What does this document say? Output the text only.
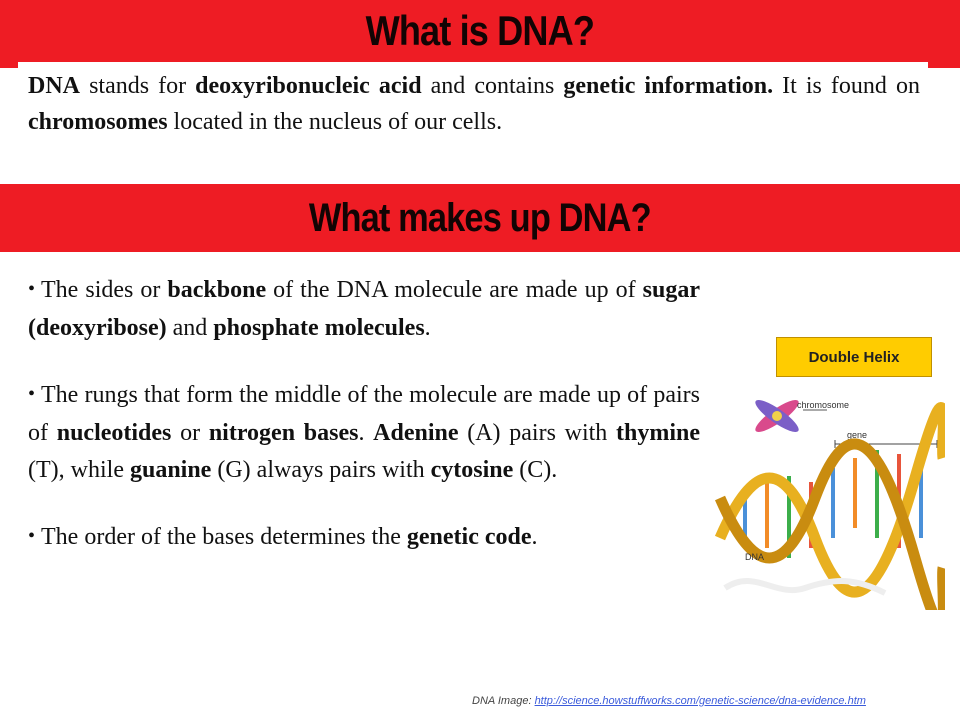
What is DNA?

DNA stands for deoxyribonucleic acid and contains genetic information. It is found on chromosomes located in the nucleus of our cells.

What makes up DNA?
• The sides or backbone of the DNA molecule are made up of sugar (deoxyribose) and phosphate molecules.
• The rungs that form the middle of the molecule are made up of pairs of nucleotides or nitrogen bases. Adenine (A) pairs with thymine (T), while guanine (G) always pairs with cytosine (C).
• The order of the bases determines the genetic code.
Double Helix
chromosome
gene
DNA
DNA Image: http://science.howstuffworks.com/genetic-science/dna-evidence.htm
